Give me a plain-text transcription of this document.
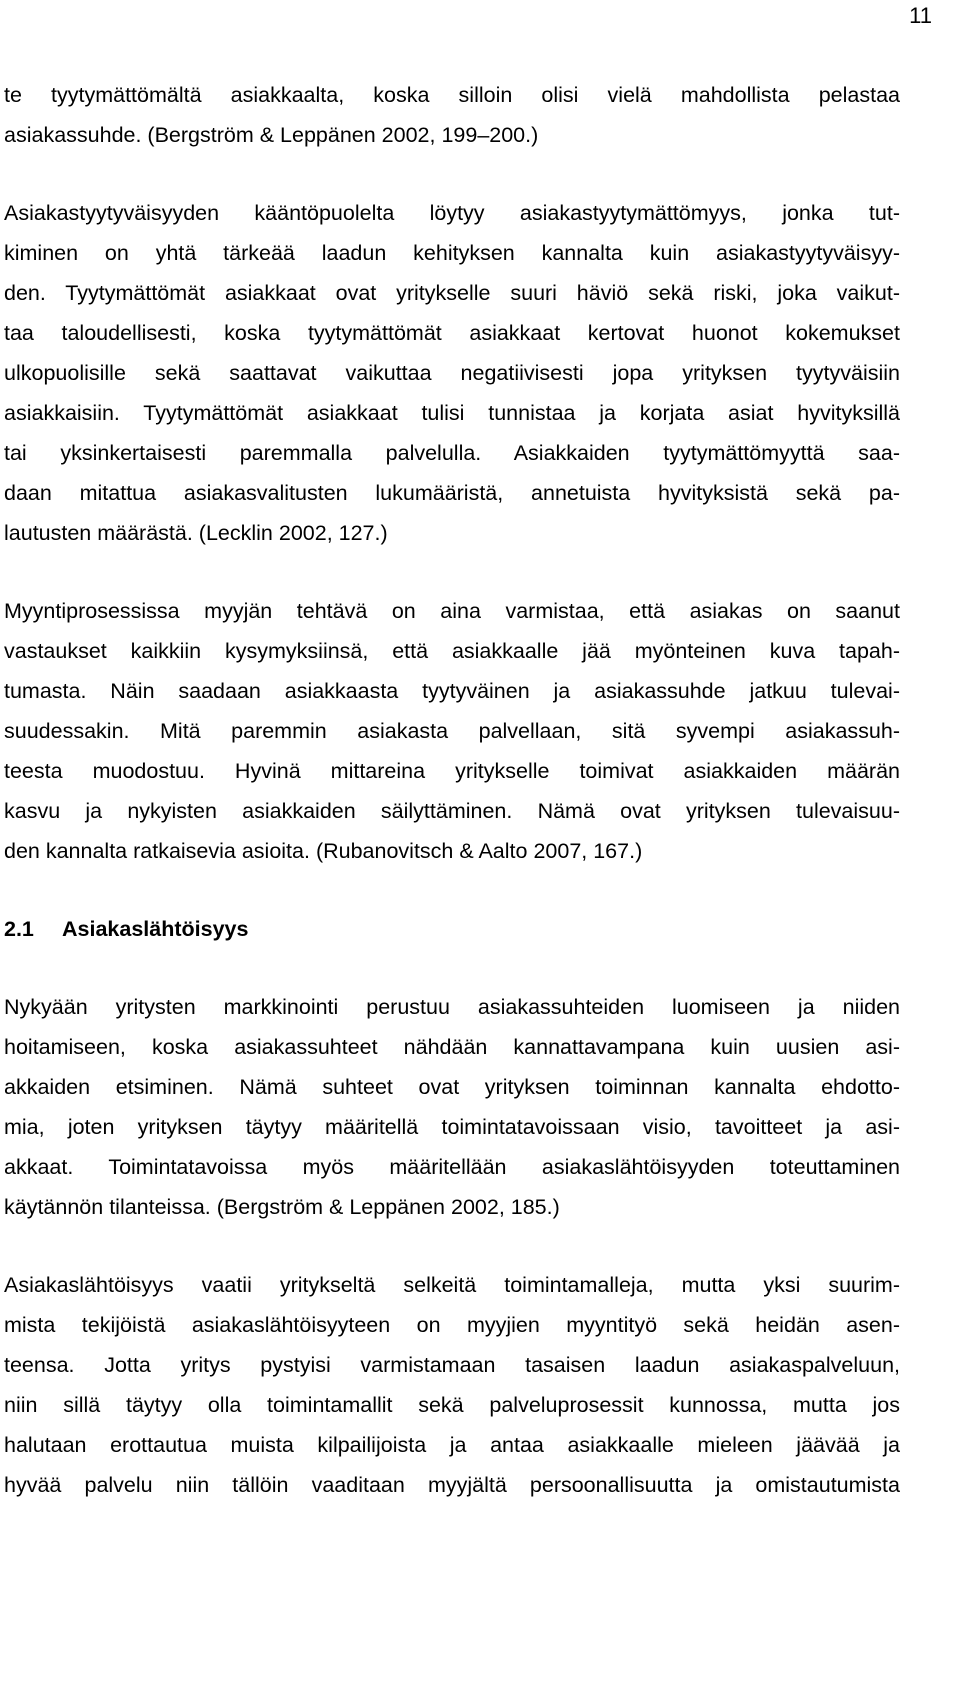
11

te tyytymättömältä asiakkaalta, koska silloin olisi vielä mahdollista pelastaa
asiakassuhde. (Bergström & Leppänen 2002, 199–200.)

Asiakastyytyväisyyden kääntöpuolelta löytyy asiakastyytymättömyys, jonka tut-
kiminen on yhtä tärkeää laadun kehityksen kannalta kuin asiakastyytyväisyy-
den. Tyytymättömät asiakkaat ovat yritykselle suuri häviö sekä riski, joka vaikut-
taa taloudellisesti, koska tyytymättömät asiakkaat kertovat huonot kokemukset
ulkopuolisille sekä saattavat vaikuttaa negatiivisesti jopa yrityksen tyytyväisiin
asiakkaisiin. Tyytymättömät asiakkaat tulisi tunnistaa ja korjata asiat hyvityksillä
tai yksinkertaisesti paremmalla palvelulla. Asiakkaiden tyytymättömyyttä saa-
daan mitattua asiakasvalitusten lukumääristä, annetuista hyvityksistä sekä pa-
lautusten määrästä. (Lecklin 2002, 127.)

Myyntiprosessissa myyjän tehtävä on aina varmistaa, että asiakas on saanut
vastaukset kaikkiin kysymyksiinsä, että asiakkaalle jää myönteinen kuva tapah-
tumasta. Näin saadaan asiakkaasta tyytyväinen ja asiakassuhde jatkuu tulevai-
suudessakin. Mitä paremmin asiakasta palvellaan, sitä syvempi asiakassuh-
teesta muodostuu. Hyvinä mittareina yritykselle toimivat asiakkaiden määrän
kasvu ja nykyisten asiakkaiden säilyttäminen. Nämä ovat yrityksen tulevaisuu-
den kannalta ratkaisevia asioita. (Rubanovitsch & Aalto 2007, 167.)

2.1 Asiakaslähtöisyys

Nykyään yritysten markkinointi perustuu asiakassuhteiden luomiseen ja niiden
hoitamiseen, koska asiakassuhteet nähdään kannattavampana kuin uusien asi-
akkaiden etsiminen. Nämä suhteet ovat yrityksen toiminnan kannalta ehdotto-
mia, joten yrityksen täytyy määritellä toimintatavoissaan visio, tavoitteet ja asi-
akkaat. Toimintatavoissa myös määritellään asiakaslähtöisyyden toteuttaminen
käytännön tilanteissa. (Bergström & Leppänen 2002, 185.)

Asiakaslähtöisyys vaatii yritykseltä selkeitä toimintamalleja, mutta yksi suurim-
mista tekijöistä asiakaslähtöisyyteen on myyjien myyntityö sekä heidän asen-
teensa. Jotta yritys pystyisi varmistamaan tasaisen laadun asiakaspalveluun,
niin sillä täytyy olla toimintamallit sekä palveluprosessit kunnossa, mutta jos
halutaan erottautua muista kilpailijoista ja antaa asiakkaalle mieleen jäävää ja
hyvää palvelu niin tällöin vaaditaan myyjältä persoonallisuutta ja omistautumista
